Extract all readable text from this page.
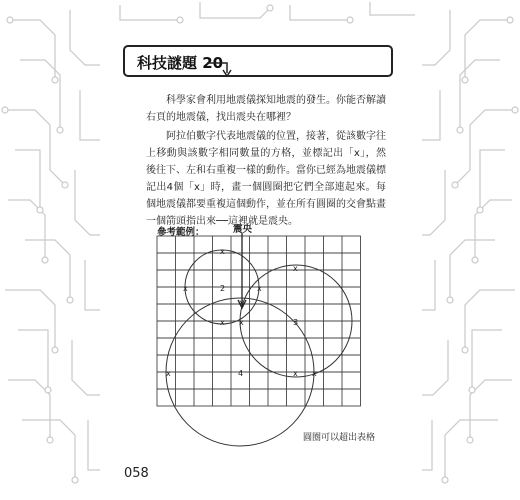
科技謎題 20

科學家會利用地震儀探知地震的發生。你能否解讀右頁的地震儀，找出震央在哪裡？

阿拉伯數字代表地震儀的位置，接著，從該數字往上移動與該數字相同數量的方格，並標記出「x」，然後往下、左和右重複一樣的動作。當你已經為地震儀標記出4個「x」時，畫一個圓圈把它們全部連起來。每個地震儀都要重複這個動作，並在所有圓圈的交會點畫一個箭頭指出來──這裡就是震央。

參考範例：	震央
2
3
4
x
x	x
x
x
x
x
x
x	x
圓圈可以超出表格
058
